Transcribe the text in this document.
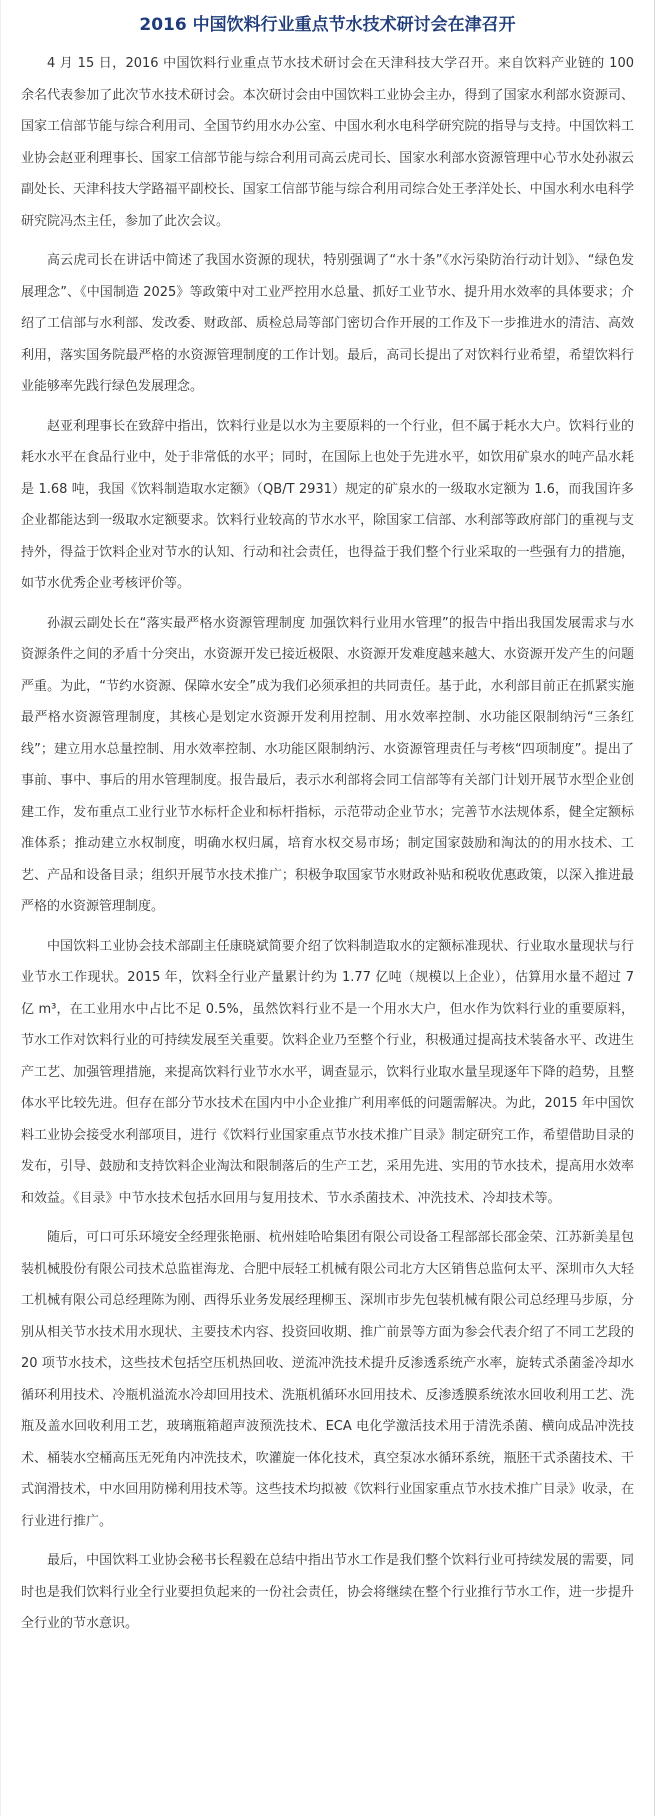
2016 中国饮料行业重点节水技术研讨会在津召开

4 月 15 日，2016 中国饮料行业重点节水技术研讨会在天津科技大学召开。来自饮料产业链的 100 余名代表参加了此次节水技术研讨会。本次研讨会由中国饮料工业协会主办，得到了国家水利部水资源司、国家工信部节能与综合利用司、全国节约用水办公室、中国水利水电科学研究院的指导与支持。中国饮料工业协会赵亚利理事长、国家工信部节能与综合利用司高云虎司长、国家水利部水资源管理中心节水处孙淑云副处长、天津科技大学路福平副校长、国家工信部节能与综合利用司综合处王孝洋处长、中国水利水电科学研究院冯杰主任，参加了此次会议。

高云虎司长在讲话中简述了我国水资源的现状，特别强调了“水十条”《水污染防治行动计划》、“绿色发展理念”、《中国制造 2025》等政策中对工业严控用水总量、抓好工业节水、提升用水效率的具体要求；介绍了工信部与水利部、发改委、财政部、质检总局等部门密切合作开展的工作及下一步推进水的清洁、高效利用，落实国务院最严格的水资源管理制度的工作计划。最后，高司长提出了对饮料行业希望，希望饮料行业能够率先践行绿色发展理念。

赵亚利理事长在致辞中指出，饮料行业是以水为主要原料的一个行业，但不属于耗水大户。饮料行业的耗水水平在食品行业中，处于非常低的水平；同时，在国际上也处于先进水平，如饮用矿泉水的吨产品水耗是 1.68 吨，我国《饮料制造取水定额》（QB/T 2931）规定的矿泉水的一级取水定额为 1.6，而我国许多企业都能达到一级取水定额要求。饮料行业较高的节水水平，除国家工信部、水利部等政府部门的重视与支持外，得益于饮料企业对节水的认知、行动和社会责任，也得益于我们整个行业采取的一些强有力的措施，如节水优秀企业考核评价等。

孙淑云副处长在“落实最严格水资源管理制度 加强饮料行业用水管理”的报告中指出我国发展需求与水资源条件之间的矛盾十分突出，水资源开发已接近极限、水资源开发难度越来越大、水资源开发产生的问题严重。为此，“节约水资源、保障水安全”成为我们必须承担的共同责任。基于此，水利部目前正在抓紧实施最严格水资源管理制度，其核心是划定水资源开发利用控制、用水效率控制、水功能区限制纳污“三条红线”；建立用水总量控制、用水效率控制、水功能区限制纳污、水资源管理责任与考核“四项制度”。提出了事前、事中、事后的用水管理制度。报告最后，表示水利部将会同工信部等有关部门计划开展节水型企业创建工作，发布重点工业行业节水标杆企业和标杆指标，示范带动企业节水；完善节水法规体系，健全定额标准体系；推动建立水权制度，明确水权归属，培育水权交易市场；制定国家鼓励和淘汰的的用水技术、工艺、产品和设备目录；组织开展节水技术推广；积极争取国家节水财政补贴和税收优惠政策，以深入推进最严格的水资源管理制度。

中国饮料工业协会技术部副主任康晓斌简要介绍了饮料制造取水的定额标准现状、行业取水量现状与行业节水工作现状。2015 年，饮料全行业产量累计约为 1.77 亿吨（规模以上企业），估算用水量不超过 7 亿 m³，在工业用水中占比不足 0.5%，虽然饮料行业不是一个用水大户，但水作为饮料行业的重要原料，节水工作对饮料行业的可持续发展至关重要。饮料企业乃至整个行业，积极通过提高技术装备水平、改进生产工艺、加强管理措施，来提高饮料行业节水水平，调查显示，饮料行业取水量呈现逐年下降的趋势，且整体水平比较先进。但存在部分节水技术在国内中小企业推广利用率低的问题需解决。为此，2015 年中国饮料工业协会接受水利部项目，进行《饮料行业国家重点节水技术推广目录》制定研究工作，希望借助目录的发布，引导、鼓励和支持饮料企业淘汰和限制落后的生产工艺，采用先进、实用的节水技术，提高用水效率和效益。《目录》中节水技术包括水回用与复用技术、节水杀菌技术、冲洗技术、冷却技术等。

随后，可口可乐环境安全经理张艳丽、杭州娃哈哈集团有限公司设备工程部部长邵金荣、江苏新美星包装机械股份有限公司技术总监崔海龙、合肥中辰轻工机械有限公司北方大区销售总监何太平、深圳市久大轻工机械有限公司总经理陈为刚、西得乐业务发展经理柳玉、深圳市步先包装机械有限公司总经理马步原，分别从相关节水技术用水现状、主要技术内容、投资回收期、推广前景等方面为参会代表介绍了不同工艺段的 20 项节水技术，这些技术包括空压机热回收、逆流冲洗技术提升反渗透系统产水率，旋转式杀菌釜冷却水循环利用技术、冷瓶机溢流水冷却回用技术、洗瓶机循环水回用技术、反渗透膜系统浓水回收利用工艺、洗瓶及盖水回收利用工艺，玻璃瓶箱超声波预洗技术、ECA 电化学激活技术用于清洗杀菌、横向成品冲洗技术、桶装水空桶高压无死角内冲洗技术，吹灌旋一体化技术，真空泵冰水循环系统，瓶胚干式杀菌技术、干式润滑技术，中水回用防梯利用技术等。这些技术均拟被《饮料行业国家重点节水技术推广目录》收录，在行业进行推广。

最后，中国饮料工业协会秘书长程毅在总结中指出节水工作是我们整个饮料行业可持续发展的需要，同时也是我们饮料行业全行业要担负起来的一份社会责任，协会将继续在整个行业推行节水工作，进一步提升全行业的节水意识。
